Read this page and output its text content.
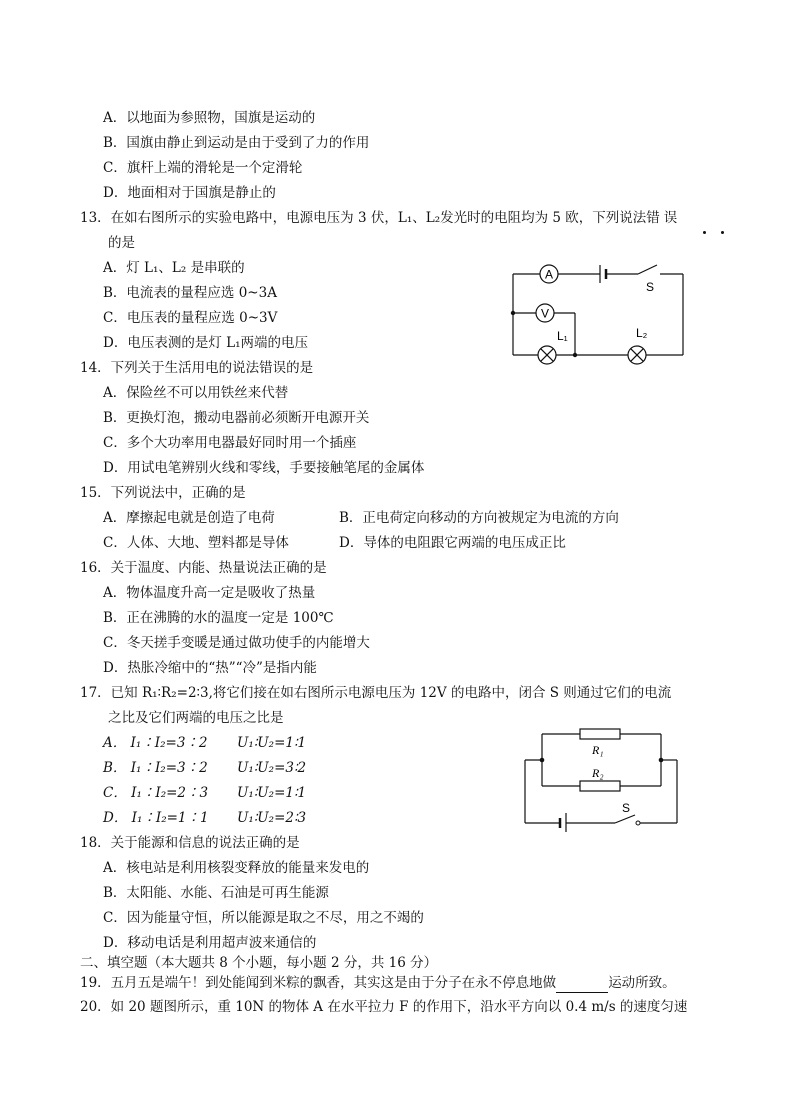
A．以地面为参照物，国旗是运动的
B．国旗由静止到运动是由于受到了力的作用
C．旗杆上端的滑轮是一个定滑轮
D．地面相对于国旗是静止的
13．在如右图所示的实验电路中，电源电压为 3 伏，L₁、L₂发光时的电阻均为 5 欧，下列说法错误
的是
A．灯 L₁、L₂ 是串联的
B．电流表的量程应选 0~3A
C．电压表的量程应选 0~3V
D．电压表测的是灯 L₁两端的电压
A
V
S
L₁	L₂
14．下列关于生活用电的说法错误的是
A．保险丝不可以用铁丝来代替
B．更换灯泡，搬动电器前必须断开电源开关
C．多个大功率用电器最好同时用一个插座
D．用试电笔辨别火线和零线，手要接触笔尾的金属体
15．下列说法中，正确的是
A．摩擦起电就是创造了电荷	B．正电荷定向移动的方向被规定为电流的方向
C．人体、大地、塑料都是导体	D．导体的电阻跟它两端的电压成正比
16．关于温度、内能、热量说法正确的是
A．物体温度升高一定是吸收了热量
B．正在沸腾的水的温度一定是 100℃
C．冬天搓手变暖是通过做功使手的内能增大
D．热胀冷缩中的“热”“冷”是指内能
17．已知 R₁∶R₂=2∶3,将它们接在如右图所示电源电压为 12V 的电路中，闭合 S 则通过它们的电流
之比及它们两端的电压之比是
A． I₁∶I₂=3∶2 U₁∶U₂=1∶1
B． I₁∶I₂=3∶2 U₁∶U₂=3∶2
C． I₁∶I₂=2∶3 U₁∶U₂=1∶1
D． I₁∶I₂=1∶1 U₁∶U₂=2∶3
R₁
R₂
S
18．关于能源和信息的说法正确的是
A．核电站是利用核裂变释放的能量来发电的
B．太阳能、水能、石油是可再生能源
C．因为能量守恒，所以能源是取之不尽，用之不竭的
D．移动电话是利用超声波来通信的
二、填空题（本大题共 8 个小题，每小题 2 分，共 16 分）
19．五月五是端午！到处能闻到米粽的飘香，其实这是由于分子在永不停息地做	运动所致。
20．如 20 题图所示，重 10N 的物体 A 在水平拉力 F 的作用下，沿水平方向以 0.4 m/s 的速度匀速
